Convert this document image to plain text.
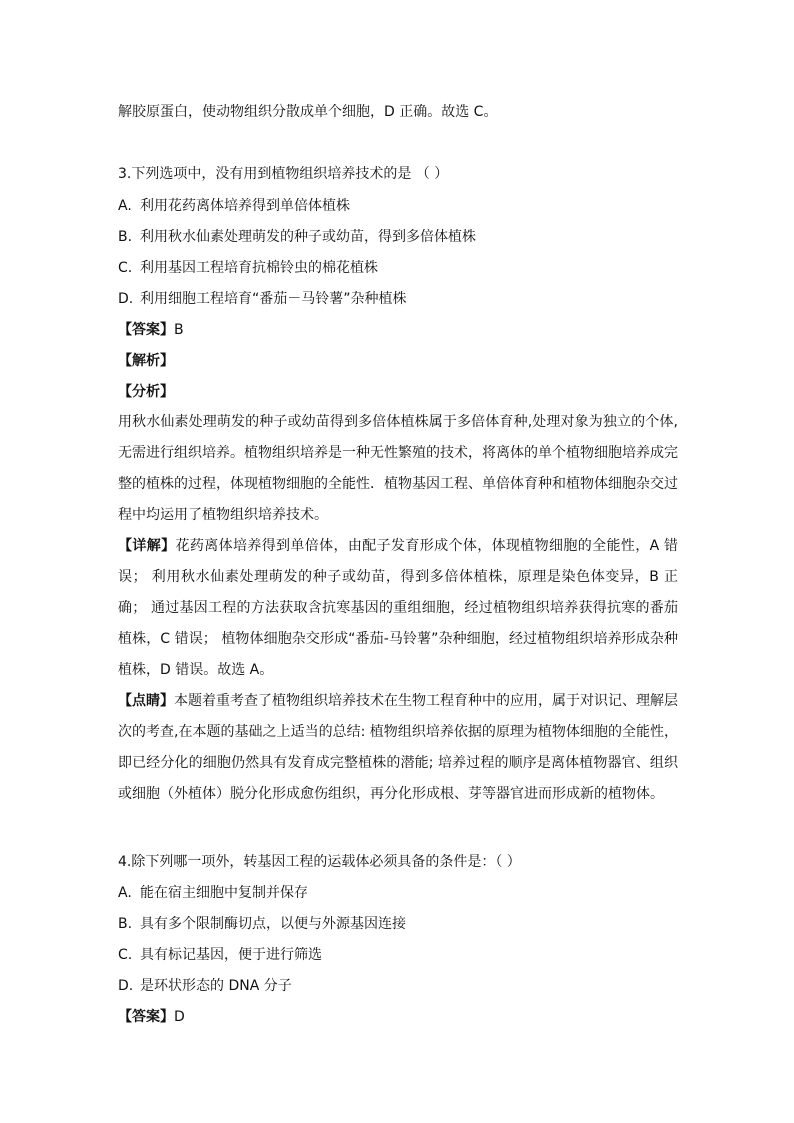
解胶原蛋白，使动物组织分散成单个细胞，D 正确。故选 C。
3.下列选项中，没有用到植物组织培养技术的是 （ ）
A. 利用花药离体培养得到单倍体植株
B. 利用秋水仙素处理萌发的种子或幼苗，得到多倍体植株
C. 利用基因工程培育抗棉铃虫的棉花植株
D. 利用细胞工程培育“番茄－马铃薯”杂种植株
【答案】B
【解析】
【分析】
用秋水仙素处理萌发的种子或幼苗得到多倍体植株属于多倍体育种,处理对象为独立的个体,无需进行组织培养。植物组织培养是一种无性繁殖的技术，将离体的单个植物细胞培养成完整的植株的过程，体现植物细胞的全能性．植物基因工程、单倍体育种和植物体细胞杂交过程中均运用了植物组织培养技术。
【详解】花药离体培养得到单倍体，由配子发育形成个体，体现植物细胞的全能性，A 错误； 利用秋水仙素处理萌发的种子或幼苗，得到多倍体植株，原理是染色体变异，B 正确； 通过基因工程的方法获取含抗寒基因的重组细胞，经过植物组织培养获得抗寒的番茄植株，C 错误； 植物体细胞杂交形成“番茄-马铃薯”杂种细胞，经过植物组织培养形成杂种植株，D 错误。故选 A。
【点睛】本题着重考查了植物组织培养技术在生物工程育种中的应用，属于对识记、理解层次的考查,在本题的基础之上适当的总结: 植物组织培养依据的原理为植物体细胞的全能性，即已经分化的细胞仍然具有发育成完整植株的潜能; 培养过程的顺序是离体植物器官、组织或细胞（外植体）脱分化形成愈伤组织，再分化形成根、芽等器官进而形成新的植物体。
4.除下列哪一项外，转基因工程的运载体必须具备的条件是：（ ）
A. 能在宿主细胞中复制并保存
B. 具有多个限制酶切点，以便与外源基因连接
C. 具有标记基因，便于进行筛选
D. 是环状形态的 DNA 分子
【答案】D
